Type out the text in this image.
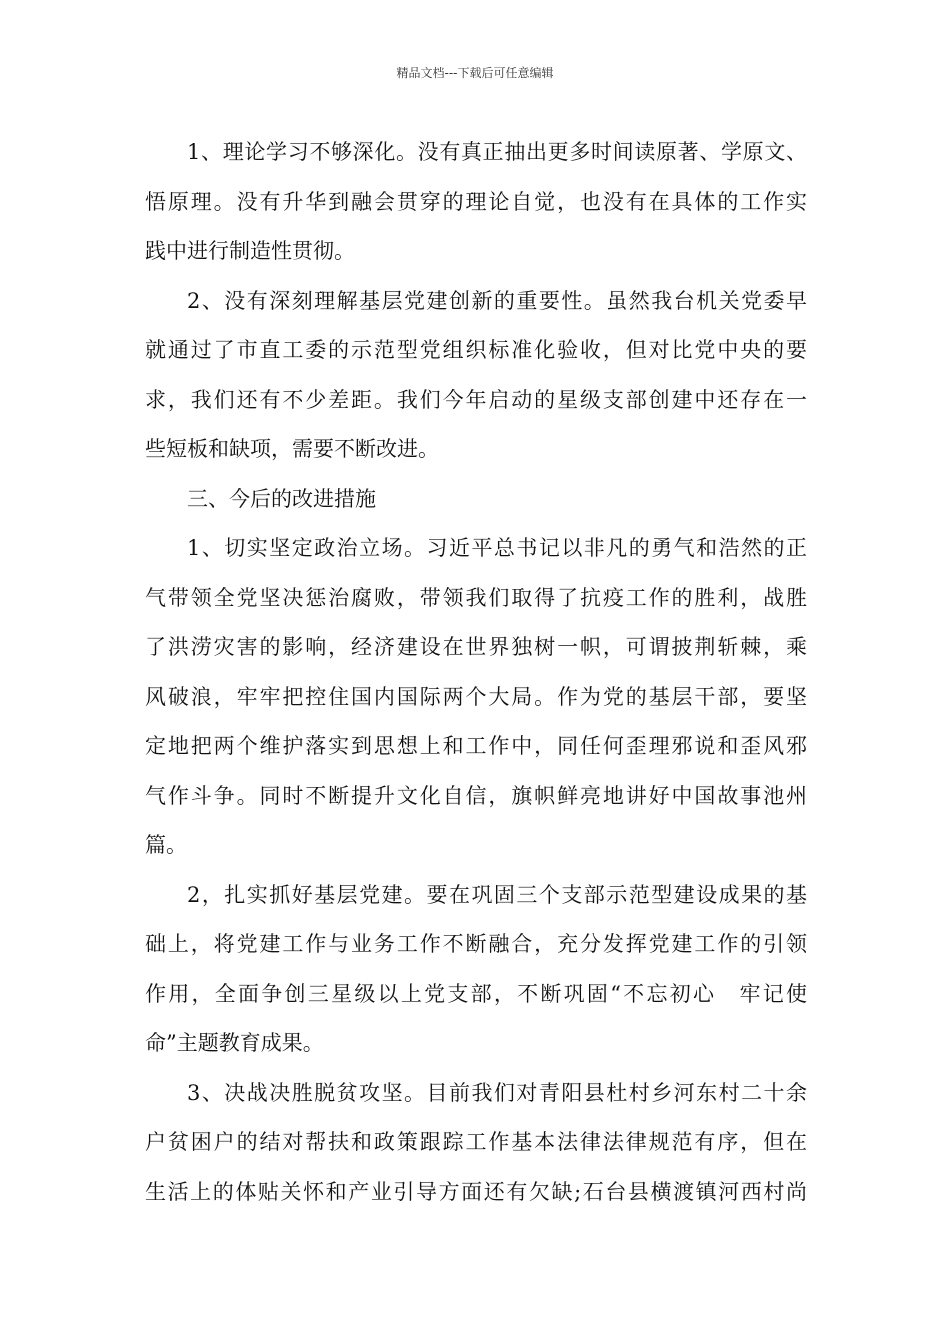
精品文档---下载后可任意编辑
1、理论学习不够深化。没有真正抽出更多时间读原著、学原文、
悟原理。没有升华到融会贯穿的理论自觉，也没有在具体的工作实
践中进行制造性贯彻。
2、没有深刻理解基层党建创新的重要性。虽然我台机关党委早
就通过了市直工委的示范型党组织标准化验收，但对比党中央的要
求，我们还有不少差距。我们今年启动的星级支部创建中还存在一
些短板和缺项，需要不断改进。
三、今后的改进措施
1、切实坚定政治立场。习近平总书记以非凡的勇气和浩然的正
气带领全党坚决惩治腐败，带领我们取得了抗疫工作的胜利，战胜
了洪涝灾害的影响，经济建设在世界独树一帜，可谓披荆斩棘，乘
风破浪，牢牢把控住国内国际两个大局。作为党的基层干部，要坚
定地把两个维护落实到思想上和工作中，同任何歪理邪说和歪风邪
气作斗争。同时不断提升文化自信，旗帜鲜亮地讲好中国故事池州
篇。
2，扎实抓好基层党建。要在巩固三个支部示范型建设成果的基
础上，将党建工作与业务工作不断融合，充分发挥党建工作的引领
作用，全面争创三星级以上党支部，不断巩固“不忘初心　牢记使
命”主题教育成果。
3、决战决胜脱贫攻坚。目前我们对青阳县杜村乡河东村二十余
户贫困户的结对帮扶和政策跟踪工作基本法律法律规范有序，但在
生活上的体贴关怀和产业引导方面还有欠缺;石台县横渡镇河西村尚
